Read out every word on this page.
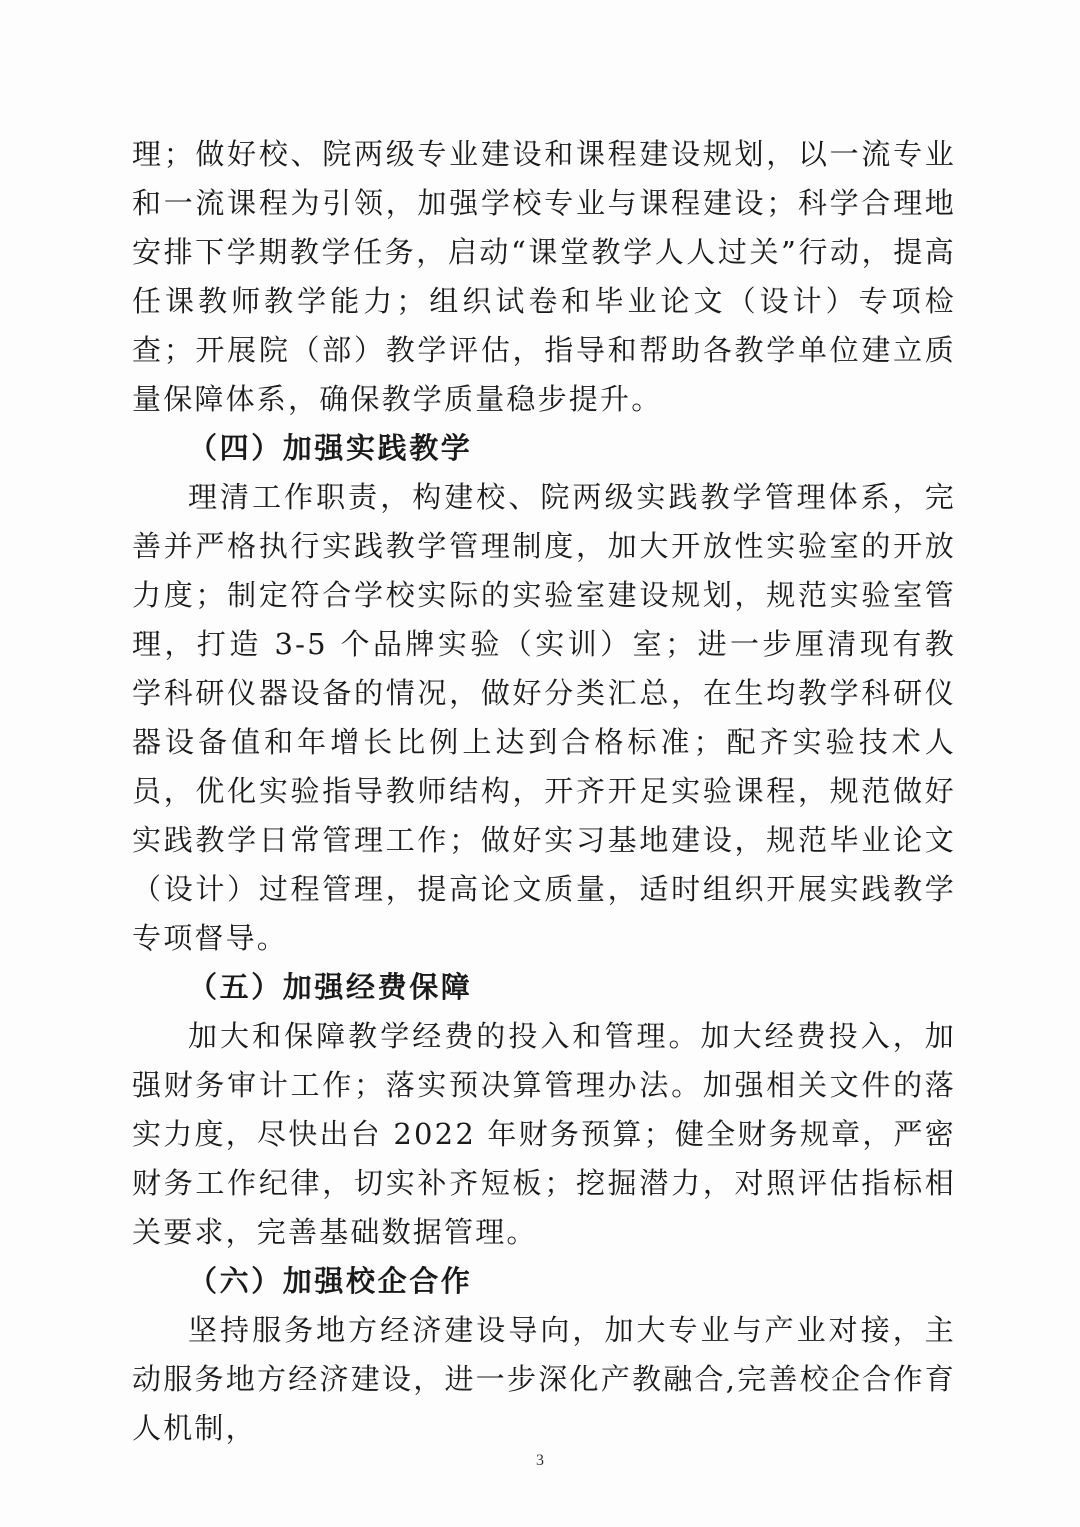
理；做好校、院两级专业建设和课程建设规划，以一流专业和一流课程为引领，加强学校专业与课程建设；科学合理地安排下学期教学任务，启动“课堂教学人人过关”行动，提高任课教师教学能力；组织试卷和毕业论文（设计）专项检查；开展院（部）教学评估，指导和帮助各教学单位建立质量保障体系，确保教学质量稳步提升。

（四）加强实践教学

理清工作职责，构建校、院两级实践教学管理体系，完善并严格执行实践教学管理制度，加大开放性实验室的开放力度；制定符合学校实际的实验室建设规划，规范实验室管理，打造 3-5 个品牌实验（实训）室；进一步厘清现有教学科研仪器设备的情况，做好分类汇总，在生均教学科研仪器设备值和年增长比例上达到合格标准；配齐实验技术人员，优化实验指导教师结构，开齐开足实验课程，规范做好实践教学日常管理工作；做好实习基地建设，规范毕业论文（设计）过程管理，提高论文质量，适时组织开展实践教学专项督导。

（五）加强经费保障

加大和保障教学经费的投入和管理。加大经费投入，加强财务审计工作；落实预决算管理办法。加强相关文件的落实力度，尽快出台 2022 年财务预算；健全财务规章，严密财务工作纪律，切实补齐短板；挖掘潜力，对照评估指标相关要求，完善基础数据管理。

（六）加强校企合作

坚持服务地方经济建设导向，加大专业与产业对接，主动服务地方经济建设，进一步深化产教融合,完善校企合作育人机制，

3
